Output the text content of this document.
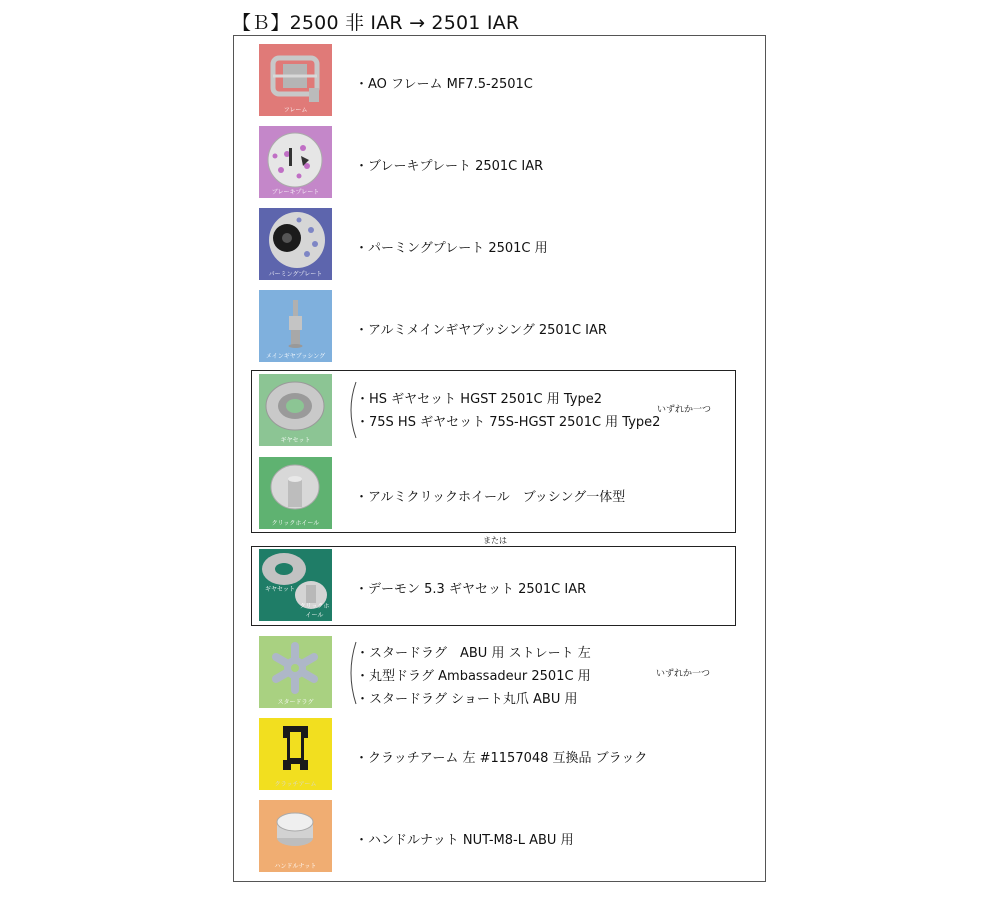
【Ｂ】2500 非 IAR → 2501 IAR
または
フレーム
・AO フレーム MF7.5-2501C
ブレーキプレート
・ブレーキプレート 2501C IAR
パーミングプレート
・パーミングプレート 2501C 用
メインギヤブッシング
・アルミメインギヤブッシング 2501C IAR
ギヤセット
・HS ギヤセット HGST 2501C 用 Type2
・75S HS ギヤセット 75S-HGST 2501C 用 Type2
いずれか一つ
クリックホイール
・アルミクリックホイール　ブッシング一体型
ギヤセット
クリックホイール
・デーモン 5.3 ギヤセット 2501C IAR
スタードラグ
・スタードラグ　ABU 用 ストレート 左
・丸型ドラグ Ambassadeur 2501C 用
・スタードラグ ショート丸爪 ABU 用
いずれか一つ
クラッチアーム
・クラッチアーム 左 #1157048 互換品 ブラック
ハンドルナット
・ハンドルナット NUT-M8-L ABU 用
